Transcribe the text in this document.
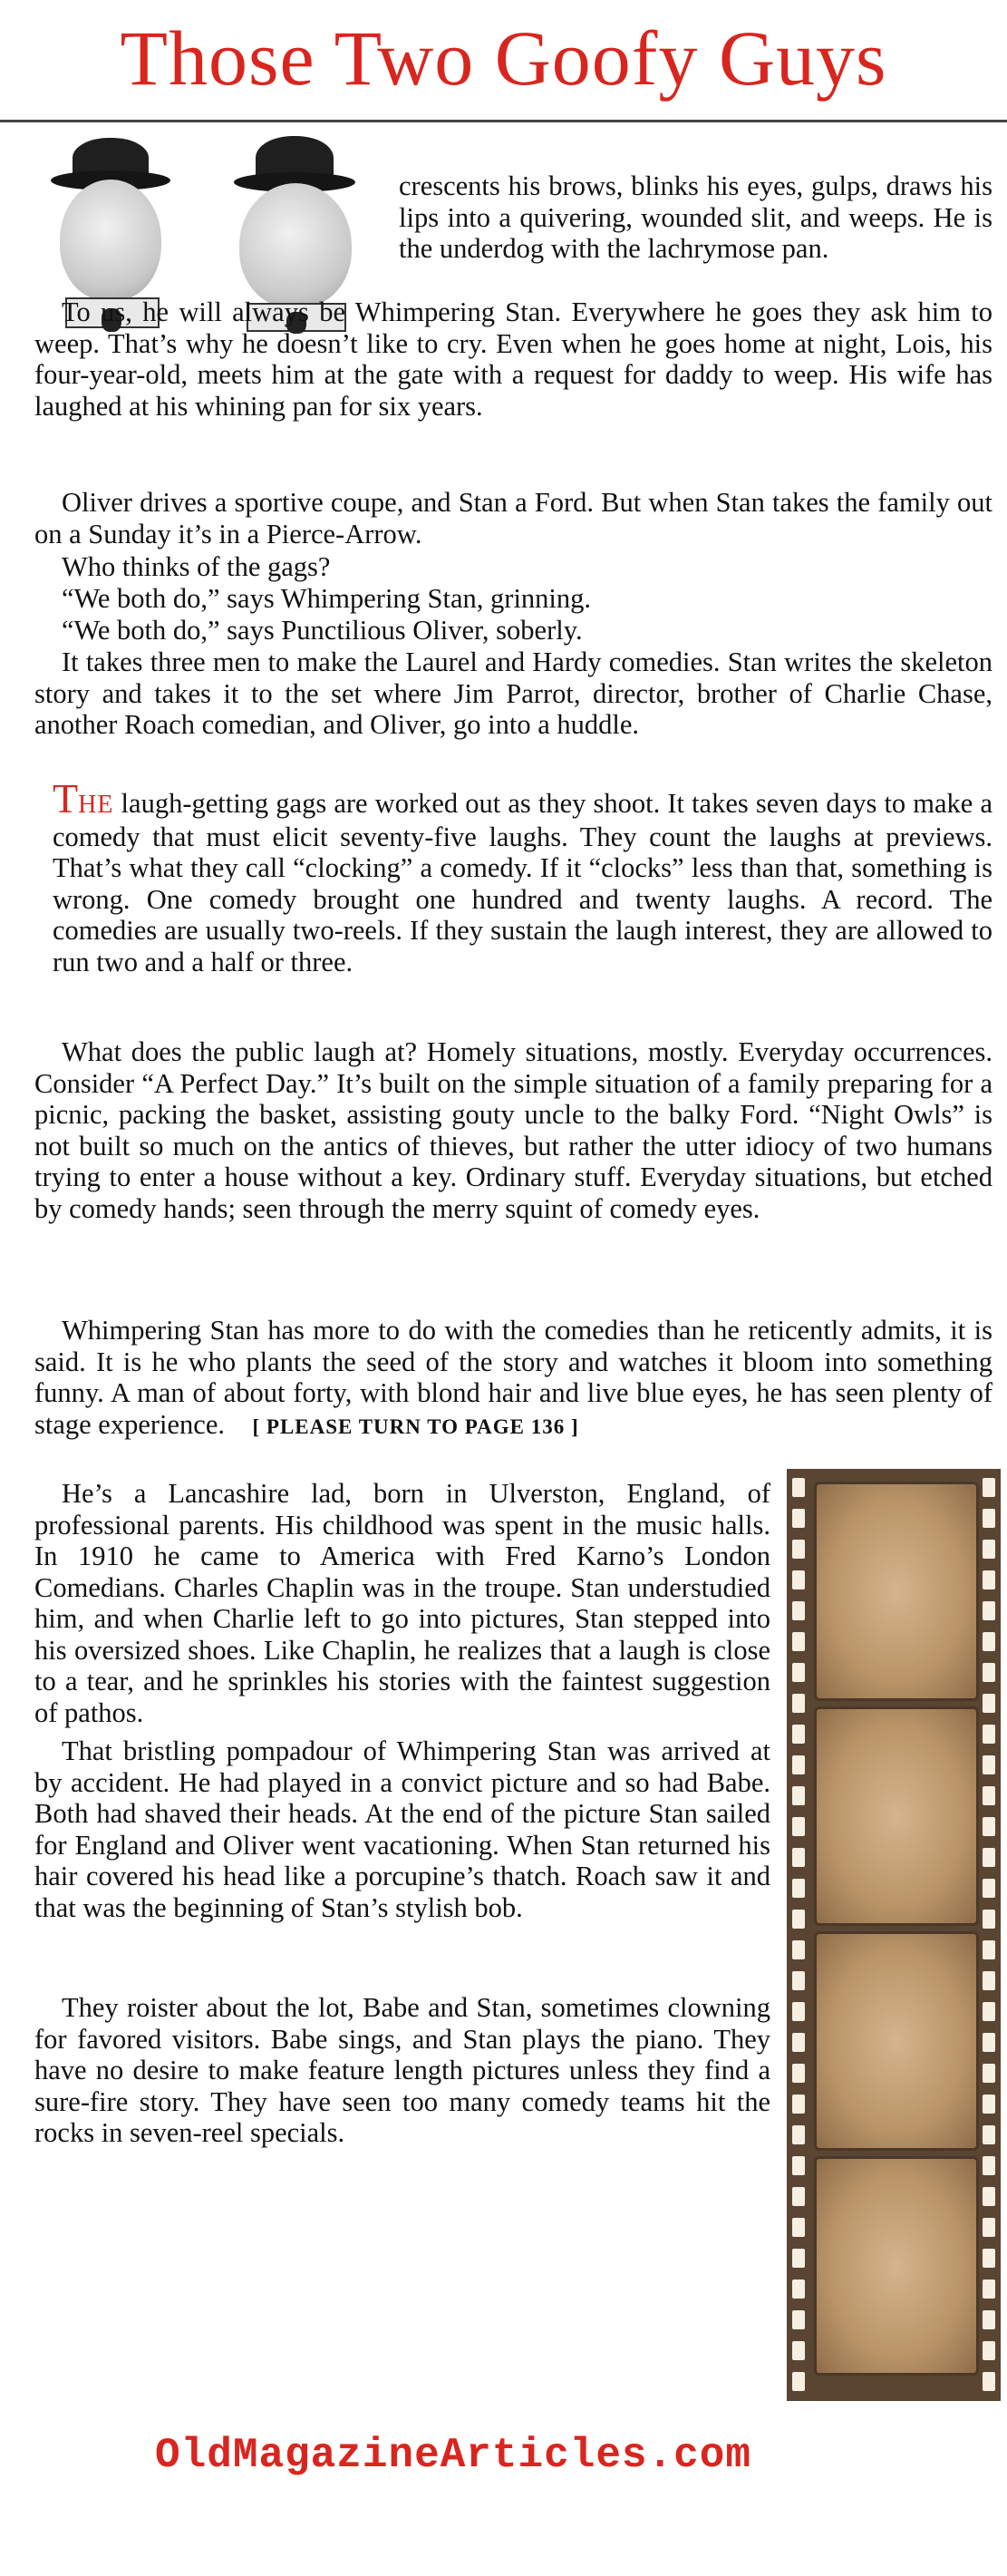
Those Two Goofy Guys

crescents his brows, blinks his eyes, gulps, draws his lips into a quivering, wounded slit, and weeps. He is the underdog with the lachrymose pan.

To us, he will always be Whimpering Stan. Everywhere he goes they ask him to weep. That’s why he doesn’t like to cry. Even when he goes home at night, Lois, his four-year-old, meets him at the gate with a request for daddy to weep. His wife has laughed at his whining pan for six years.

Oliver drives a sportive coupe, and Stan a Ford. But when Stan takes the family out on a Sunday it’s in a Pierce-Arrow.

Who thinks of the gags?

“We both do,” says Whimpering Stan, grinning.

“We both do,” says Punctilious Oliver, soberly.

It takes three men to make the Laurel and Hardy comedies. Stan writes the skeleton story and takes it to the set where Jim Parrot, director, brother of Charlie Chase, another Roach comedian, and Oliver, go into a huddle.

THE laugh-getting gags are worked out as they shoot. It takes seven days to make a comedy that must elicit seventy-five laughs. They count the laughs at previews. That’s what they call “clocking” a comedy. If it “clocks” less than that, something is wrong. One comedy brought one hundred and twenty laughs. A record. The comedies are usually two-reels. If they sustain the laugh interest, they are allowed to run two and a half or three.

What does the public laugh at? Homely situations, mostly. Everyday occurrences. Consider “A Perfect Day.” It’s built on the simple situation of a family preparing for a picnic, packing the basket, assisting gouty uncle to the balky Ford. “Night Owls” is not built so much on the antics of thieves, but rather the utter idiocy of two humans trying to enter a house without a key. Ordinary stuff. Everyday situations, but etched by comedy hands; seen through the merry squint of comedy eyes.

Whimpering Stan has more to do with the comedies than he reticently admits, it is said. It is he who plants the seed of the story and watches it bloom into something funny. A man of about forty, with blond hair and live blue eyes, he has seen plenty of stage experience. [ PLEASE TURN TO PAGE 136 ]

He’s a Lancashire lad, born in Ulverston, England, of professional parents. His childhood was spent in the music halls. In 1910 he came to America with Fred Karno’s London Comedians. Charles Chaplin was in the troupe. Stan understudied him, and when Charlie left to go into pictures, Stan stepped into his oversized shoes. Like Chaplin, he realizes that a laugh is close to a tear, and he sprinkles his stories with the faintest suggestion of pathos.

That bristling pompadour of Whimpering Stan was arrived at by accident. He had played in a convict picture and so had Babe. Both had shaved their heads. At the end of the picture Stan sailed for England and Oliver went vacationing. When Stan returned his hair covered his head like a porcupine’s thatch. Roach saw it and that was the beginning of Stan’s stylish bob.

They roister about the lot, Babe and Stan, sometimes clowning for favored visitors. Babe sings, and Stan plays the piano. They have no desire to make feature length pictures unless they find a sure-fire story. They have seen too many comedy teams hit the rocks in seven-reel specials.

OldMagazineArticles.com
